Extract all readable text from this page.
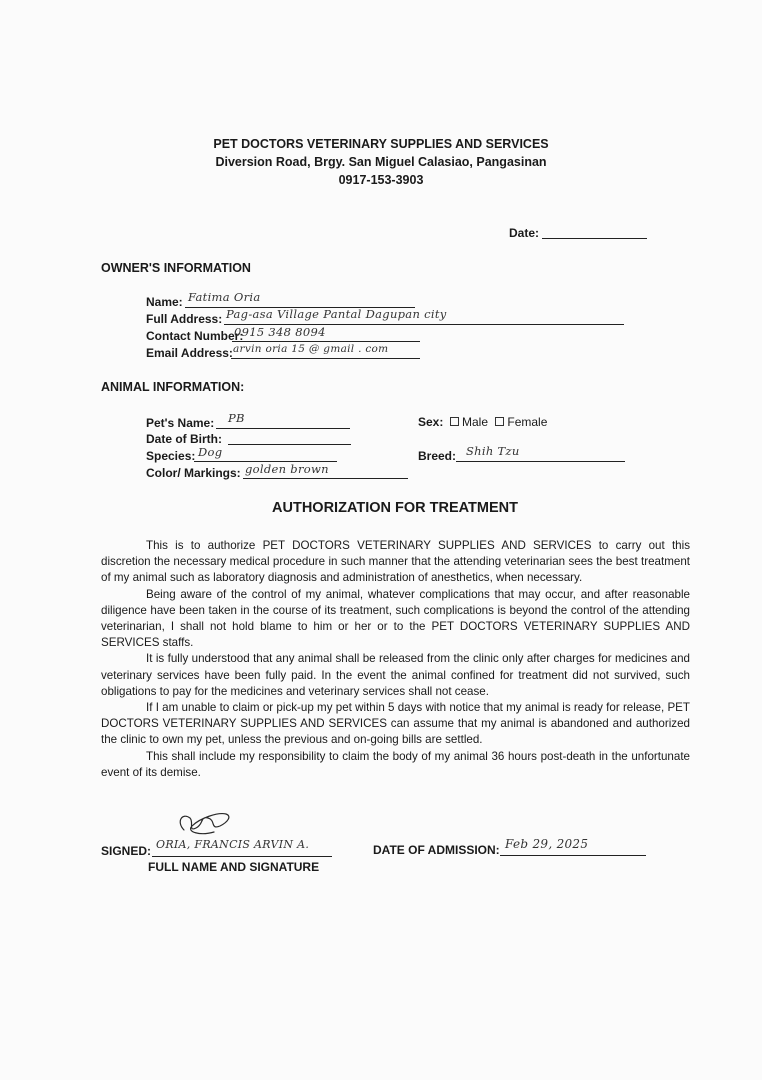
PET DOCTORS VETERINARY SUPPLIES AND SERVICES
Diversion Road, Brgy. San Miguel Calasiao, Pangasinan
0917-153-3903
Date:
OWNER'S INFORMATION
Name: Fatima Oria
Full Address: Pag-asa Village Pantal Dagupan city
Contact Number:
0915 348 8094
Email Address: arvin oria 15 @ gmail . com
ANIMAL INFORMATION:
Pet's Name: PB
Date of Birth:
Species: Dog
Color/ Markings: golden brown
Sex:	Male Female
Breed: Shih Tzu
AUTHORIZATION FOR TREATMENT

This is to authorize PET DOCTORS VETERINARY SUPPLIES AND SERVICES to carry out this discretion the necessary medical procedure in such manner that the attending veterinarian sees the best treatment of my animal such as laboratory diagnosis and administration of anesthetics, when necessary.

Being aware of the control of my animal, whatever complications that may occur, and after reasonable diligence have been taken in the course of its treatment, such complications is beyond the control of the attending veterinarian, I shall not hold blame to him or her or to the PET DOCTORS VETERINARY SUPPLIES AND SERVICES staffs.

It is fully understood that any animal shall be released from the clinic only after charges for medicines and veterinary services have been fully paid. In the event the animal confined for treatment did not survived, such obligations to pay for the medicines and veterinary services shall not cease.

If I am unable to claim or pick-up my pet within 5 days with notice that my animal is ready for release, PET DOCTORS VETERINARY SUPPLIES AND SERVICES can assume that my animal is abandoned and authorized the clinic to own my pet, unless the previous and on-going bills are settled.

This shall include my responsibility to claim the body of my animal 36 hours post-death in the unfortunate event of its demise.

SIGNED: ORIA, FRANCIS ARVIN A.
FULL NAME AND SIGNATURE
DATE OF ADMISSION: Feb 29, 2025
